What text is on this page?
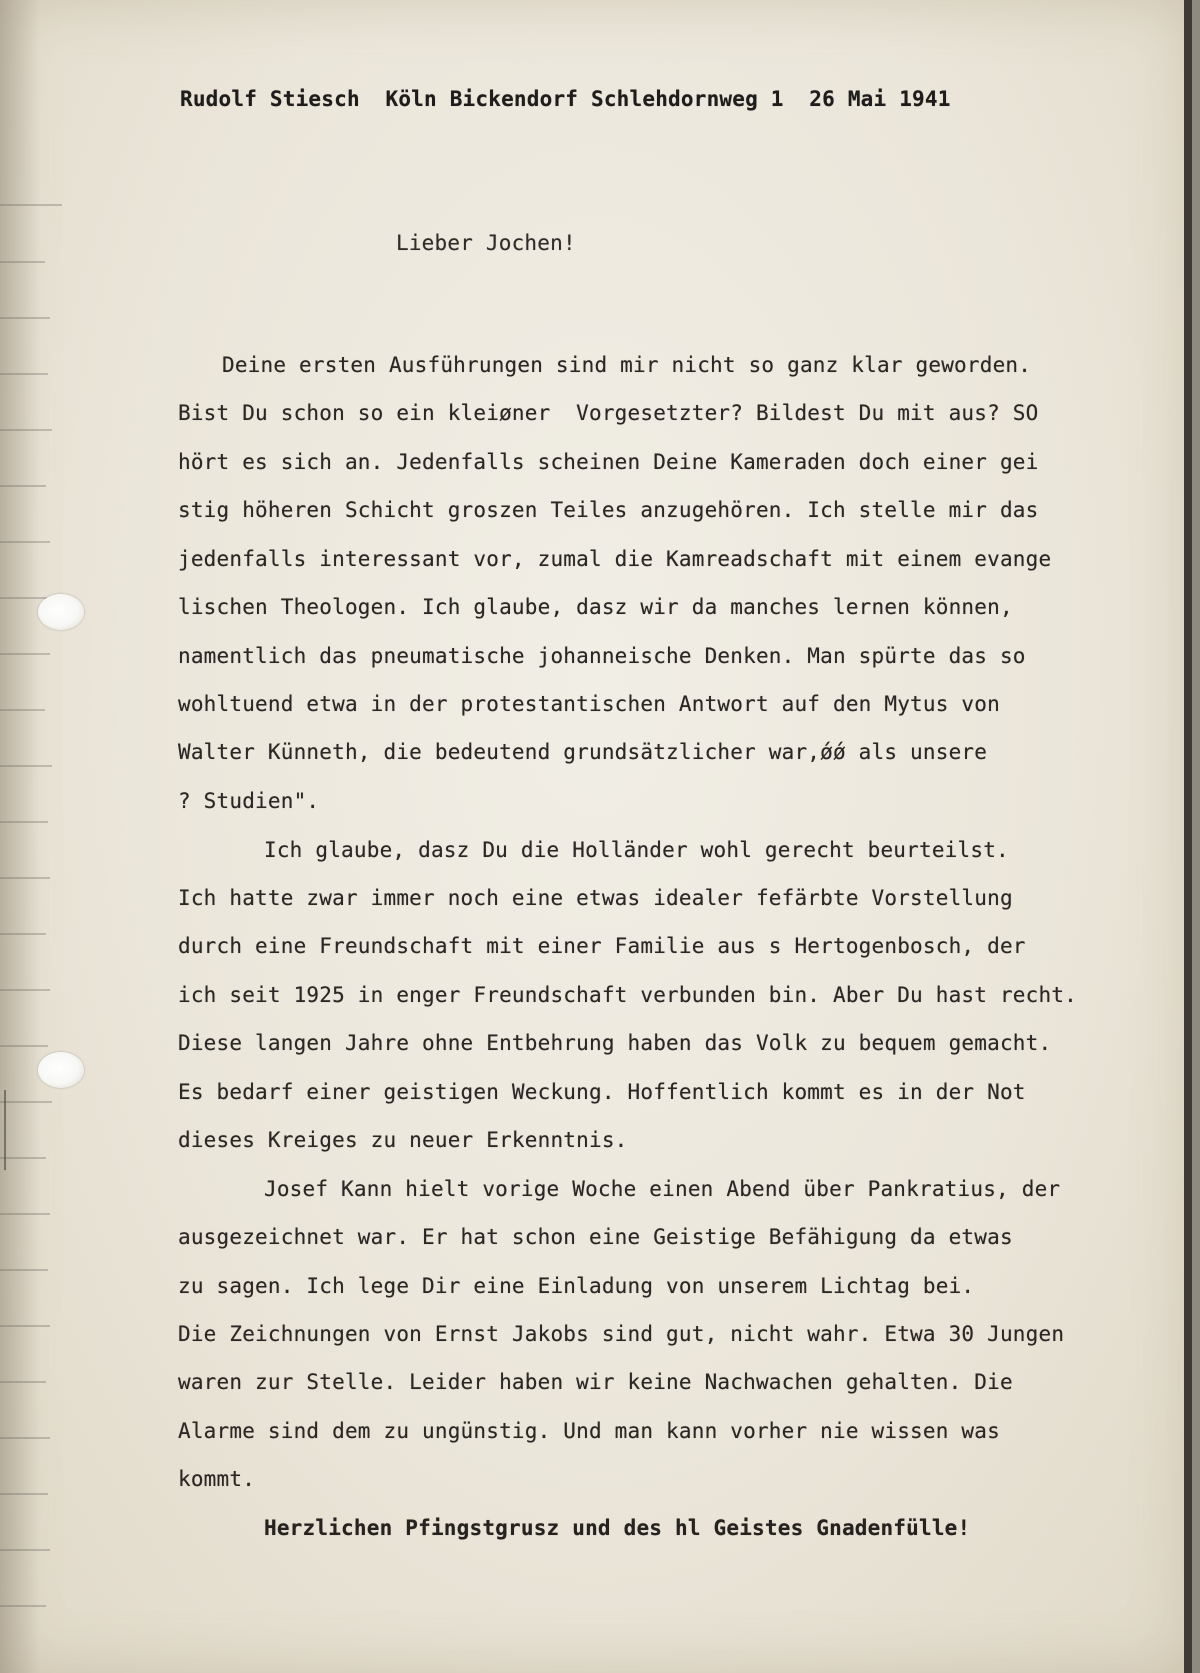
Rudolf Stiesch  Köln Bickendorf Schlehdornweg 1  26 Mai 1941
Lieber Jochen!
Deine ersten Ausführungen sind mir nicht so ganz klar geworden.
Bist Du schon so ein kleiøner  Vorgesetzter? Bildest Du mit aus? SO
hört es sich an. Jedenfalls scheinen Deine Kameraden doch einer gei
stig höheren Schicht groszen Teiles anzugehören. Ich stelle mir das
jedenfalls interessant vor, zumal die Kamreadschaft mit einem evange
lischen Theologen. Ich glaube, dasz wir da manches lernen können,
namentlich das pneumatische johanneische Denken. Man spürte das so
wohltuend etwa in der protestantischen Antwort auf den Mytus von
Walter Künneth, die bedeutend grundsätzlicher war,ǿǿ als unsere
? Studien".
Ich glaube, dasz Du die Holländer wohl gerecht beurteilst.
Ich hatte zwar immer noch eine etwas idealer fefärbte Vorstellung
durch eine Freundschaft mit einer Familie aus s Hertogenbosch, der
ich seit 1925 in enger Freundschaft verbunden bin. Aber Du hast recht.
Diese langen Jahre ohne Entbehrung haben das Volk zu bequem gemacht.
Es bedarf einer geistigen Weckung. Hoffentlich kommt es in der Not
dieses Kreiges zu neuer Erkenntnis.
Josef Kann hielt vorige Woche einen Abend über Pankratius, der
ausgezeichnet war. Er hat schon eine Geistige Befähigung da etwas
zu sagen. Ich lege Dir eine Einladung von unserem Lichtag bei.
Die Zeichnungen von Ernst Jakobs sind gut, nicht wahr. Etwa 30 Jungen
waren zur Stelle. Leider haben wir keine Nachwachen gehalten. Die
Alarme sind dem zu ungünstig. Und man kann vorher nie wissen was
kommt.
Herzlichen Pfingstgrusz und des hl Geistes Gnadenfülle!
